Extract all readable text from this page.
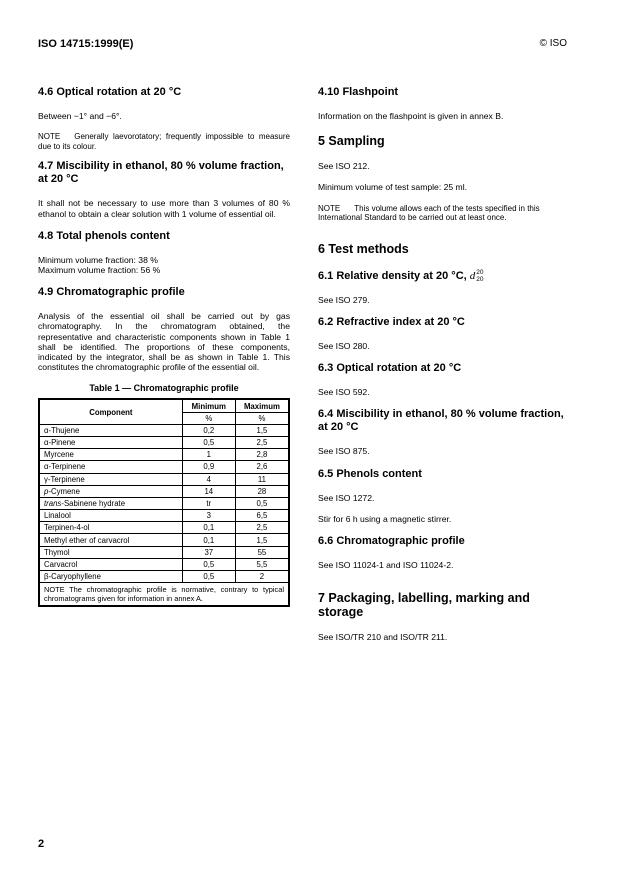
ISO 14715:1999(E)	© ISO
4.6 Optical rotation at 20 °C
Between −1° and −6°.
NOTE Generally laevorotatory; frequently impossible to measure due to its colour.
4.7 Miscibility in ethanol, 80 % volume fraction, at 20 °C
It shall not be necessary to use more than 3 volumes of 80 % ethanol to obtain a clear solution with 1 volume of essential oil.
4.8 Total phenols content
Minimum volume fraction: 38 %
Maximum volume fraction: 56 %
4.9 Chromatographic profile
Analysis of the essential oil shall be carried out by gas chromatography. In the chromatogram obtained, the representative and characteristic components shown in Table 1 shall be identified. The proportions of these components, indicated by the integrator, shall be as shown in Table 1. This constitutes the chromatographic profile of the essential oil.
Table 1 — Chromatographic profile
Component	Minimum	Maximum
	%	%
α-Thujene	0,2	1,5
α-Pinene	0,5	2,5
Myrcene	1	2,8
α-Terpinene	0,9	2,6
γ-Terpinene	4	11
p-Cymene	14	28
trans-Sabinene hydrate	tr	0,5
Linalool	3	6,5
Terpinen-4-ol	0,1	2,5
Methyl ether of carvacrol	0,1	1,5
Thymol	37	55
Carvacrol	0,5	5,5
β-Caryophyllene	0,5	2
NOTE The chromatographic profile is normative, contrary to typical chromatograms given for information in annex A.		
4.10 Flashpoint
Information on the flashpoint is given in annex B.
5 Sampling
See ISO 212.
Minimum volume of test sample: 25 ml.
NOTE This volume allows each of the tests specified in this International Standard to be carried out at least once.
6 Test methods
6.1 Relative density at 20 °C, d 20
20
See ISO 279.
6.2 Refractive index at 20 °C
See ISO 280.
6.3 Optical rotation at 20 °C
See ISO 592.
6.4 Miscibility in ethanol, 80 % volume fraction, at 20 °C
See ISO 875.
6.5 Phenols content
See ISO 1272.
Stir for 6 h using a magnetic stirrer.
6.6 Chromatographic profile
See ISO 11024-1 and ISO 11024-2.
7 Packaging, labelling, marking and storage
See ISO/TR 210 and ISO/TR 211.
2
